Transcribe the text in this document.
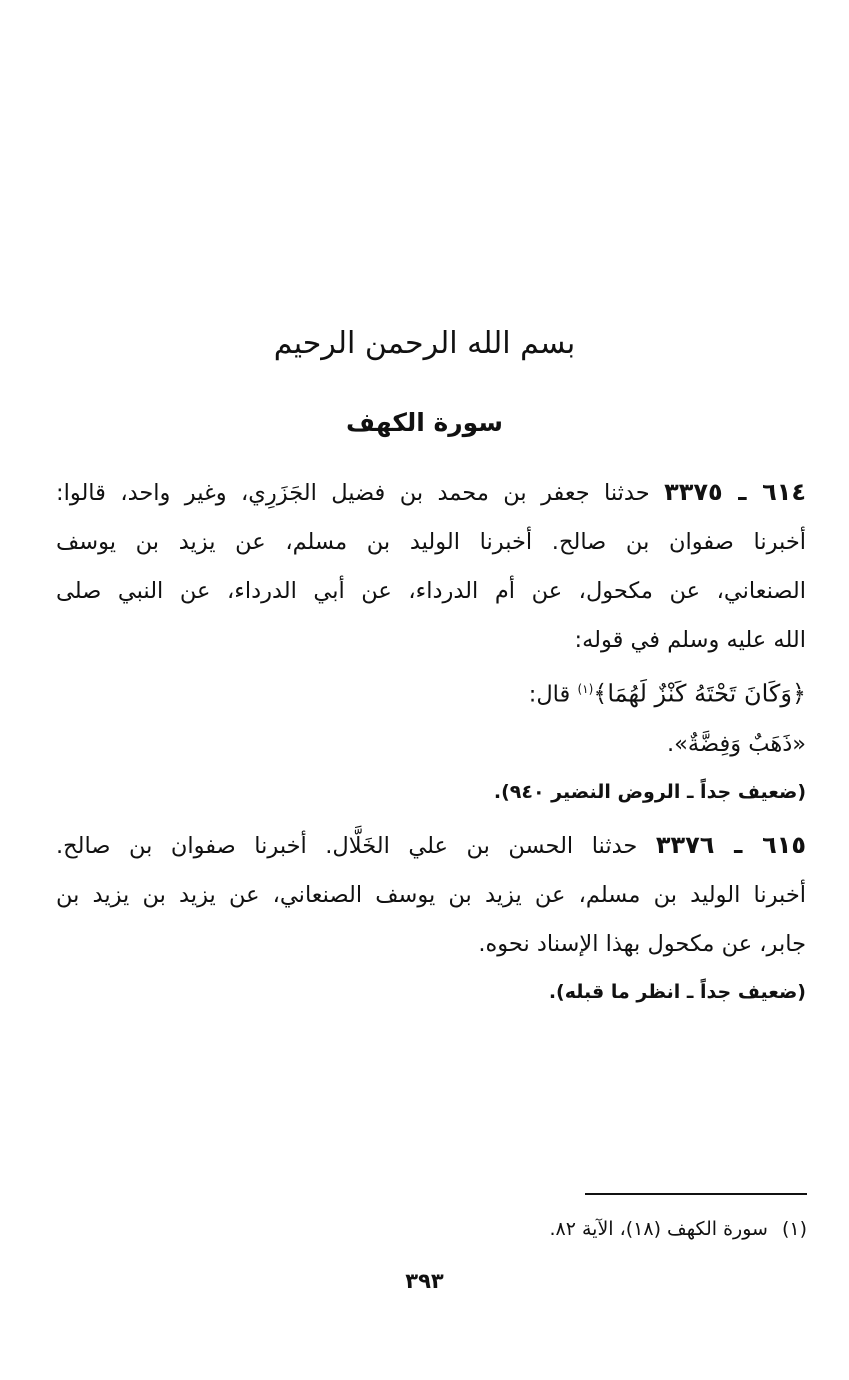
بسم الله الرحمن الرحيم
سورة الكهف
٦١٤ ـ ٣٣٧٥ حدثنا جعفر بن محمد بن فضيل الجَزَرِي، وغير واحد، قالوا:
أخبرنا صفوان بن صالح. أخبرنا الوليد بن مسلم، عن يزيد بن يوسف
الصنعاني، عن مكحول، عن أم الدرداء، عن أبي الدرداء، عن النبي صلى
الله عليه وسلم في قوله:
﴿وَكَانَ تَحْتَهُ كَنْزٌ لَهُمَا﴾$^{(١)}$ قال:
«ذَهَبٌ وَفِضَّةٌ».
(ضعيف جداً ـ الروض النضير ٩٤٠).
٦١٥ ـ ٣٣٧٦ حدثنا الحسن بن علي الخَلَّال. أخبرنا صفوان بن صالح.
أخبرنا الوليد بن مسلم، عن يزيد بن يوسف الصنعاني، عن يزيد بن يزيد بن
جابر، عن مكحول بهذا الإسناد نحوه.
(ضعيف جداً ـ انظر ما قبله).
(١)سورة الكهف (١٨)، الآية ٨٢.
٣٩٣
